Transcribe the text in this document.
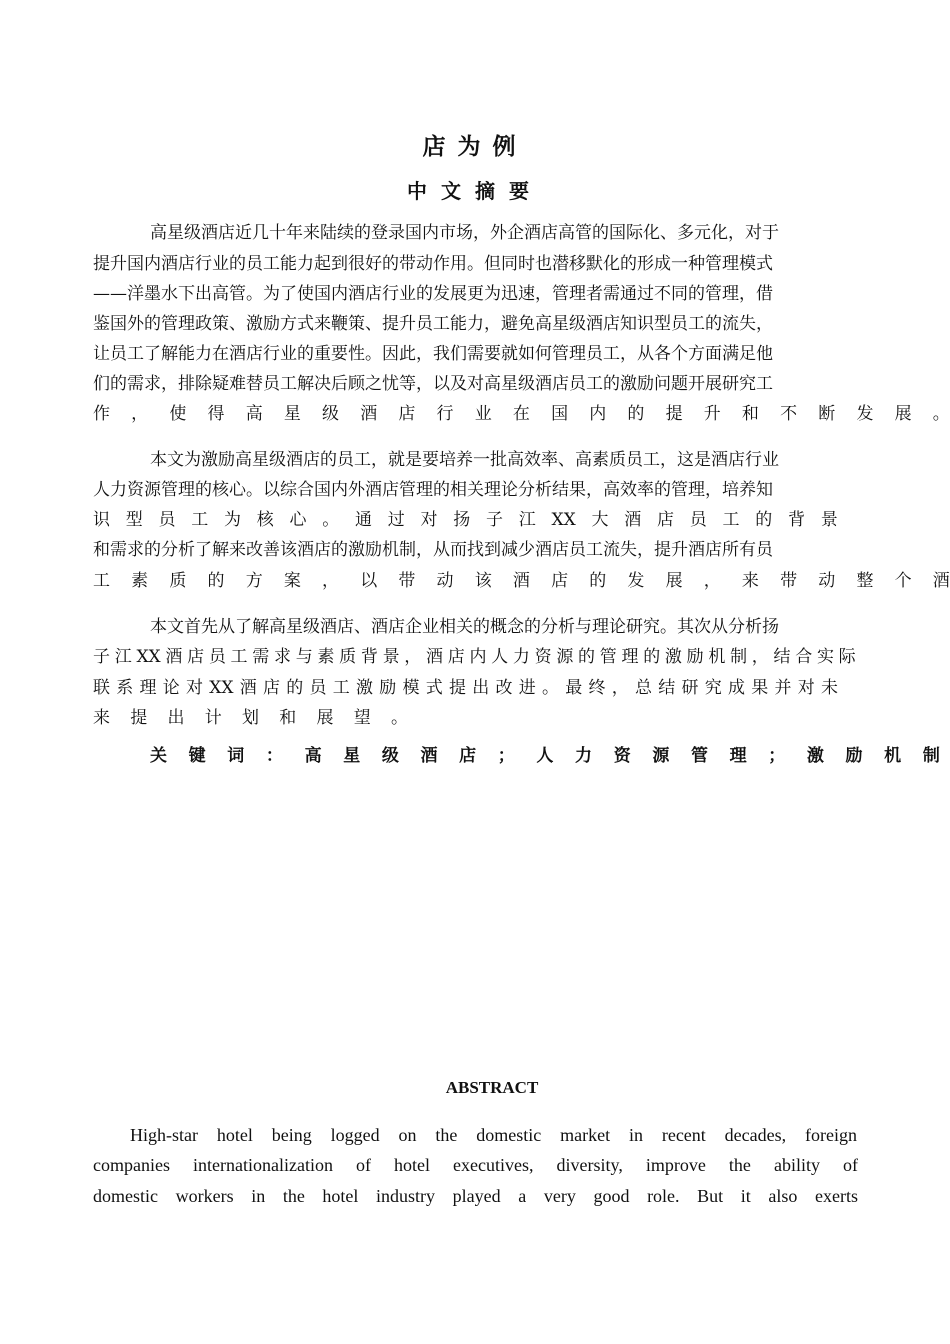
店为例
中文摘要
高星级酒店近几十年来陆续的登录国内市场，外企酒店高管的国际化、多元化，对于
提升国内酒店行业的员工能力起到很好的带动作用。但同时也潜移默化的形成一种管理模式
——洋墨水下出高管。为了使国内酒店行业的发展更为迅速，管理者需通过不同的管理，借
鉴国外的管理政策、激励方式来鞭策、提升员工能力，避免高星级酒店知识型员工的流失，
让员工了解能力在酒店行业的重要性。因此，我们需要就如何管理员工，从各个方面满足他
们的需求，排除疑难替员工解决后顾之忧等，以及对高星级酒店员工的激励问题开展研究工
作 ， 使 得 高 星 级 酒 店 行 业 在 国 内 的 提 升 和 不 断 发 展 。
本文为激励高星级酒店的员工，就是要培养一批高效率、高素质员工，这是酒店行业
人力资源管理的核心。以综合国内外酒店管理的相关理论分析结果，高效率的管理，培养知
识 型 员 工 为 核 心 。 通 过 对 扬 子 江 XX 大 酒 店 员 工 的 背 景
和需求的分析了解来改善该酒店的激励机制，从而找到减少酒店员工流失，提升酒店所有员
工 素 质 的 方 案 ， 以 带 动 该 酒 店 的 发 展 ， 来 带 动 整 个 酒
本文首先从了解高星级酒店、酒店企业相关的概念的分析与理论研究。其次从分析扬
子 江 XX 酒 店 员 工 需 求 与 素 质 背 景 ， 酒 店 内 人 力 资 源 的 管 理 的 激 励 机 制 ， 结 合 实 际
联 系 理 论 对 XX 酒 店 的 员 工 激 励 模 式 提 出 改 进 。 最 终 ， 总 结 研 究 成 果 并 对 未
来 提 出 计 划 和 展 望 。
关 键 词 ： 高 星 级 酒 店 ； 人 力 资 源 管 理 ； 激 励 机 制
ABSTRACT
High-star hotel being logged on the domestic market in recent decades, foreign
companies internationalization of hotel executives, diversity, improve the ability of
domestic workers in the hotel industry played a very good role. But it also exerts
